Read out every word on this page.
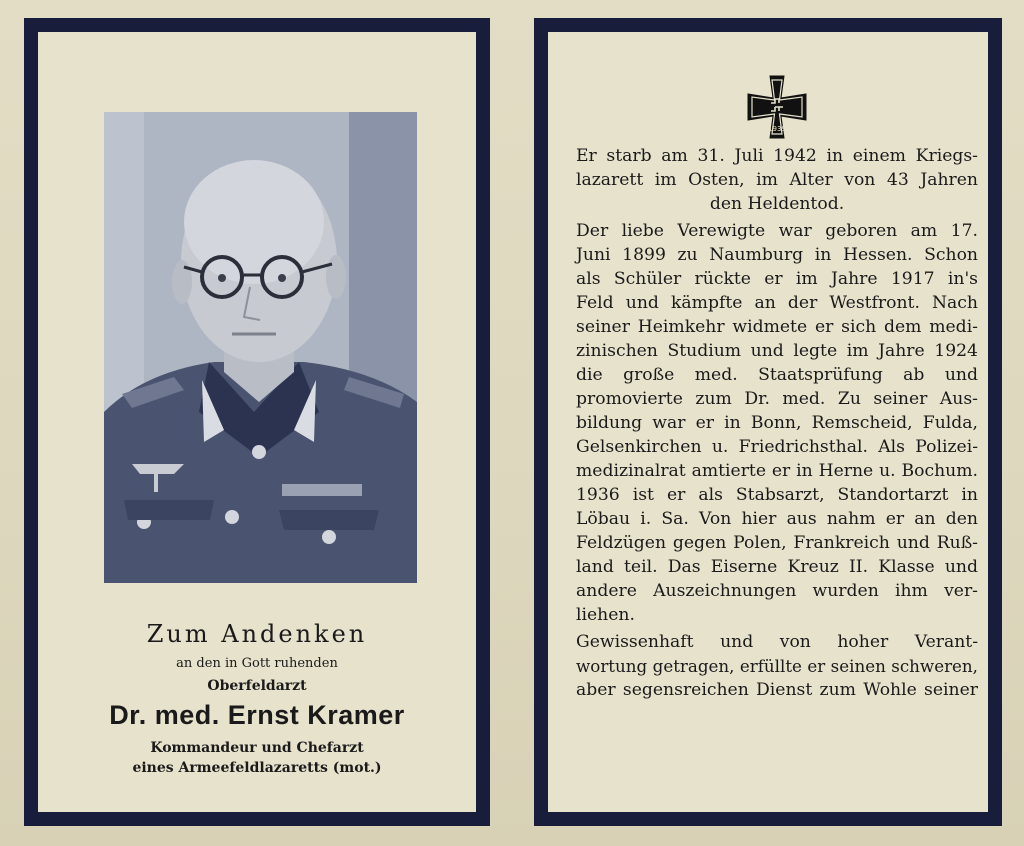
Zum Andenken
an den in Gott ruhenden
Oberfeldarzt
Dr. med. Ernst Kramer
Kommandeur und Chefarzt
eines Armeefeldlazaretts (mot.)
1939
Er starb am 31. Juli 1942 in einem Kriegs-
lazarett im Osten, im Alter von 43 Jahren
den Heldentod.
Der liebe Verewigte war geboren am 17.
Juni 1899 zu Naumburg in Hessen. Schon
als Schüler rückte er im Jahre 1917 in's
Feld und kämpfte an der Westfront. Nach
seiner Heimkehr widmete er sich dem medi-
zinischen Studium und legte im Jahre 1924
die große med. Staatsprüfung ab und
promovierte zum Dr. med. Zu seiner Aus-
bildung war er in Bonn, Remscheid, Fulda,
Gelsenkirchen u. Friedrichsthal. Als Polizei-
medizinalrat amtierte er in Herne u. Bochum.
1936 ist er als Stabsarzt, Standortarzt in
Löbau i. Sa. Von hier aus nahm er an den
Feldzügen gegen Polen, Frankreich und Ruß-
land teil. Das Eiserne Kreuz II. Klasse und
andere Auszeichnungen wurden ihm ver-
liehen.
Gewissenhaft und von hoher Verant-
wortung getragen, erfüllte er seinen schweren,
aber segensreichen Dienst zum Wohle seiner
